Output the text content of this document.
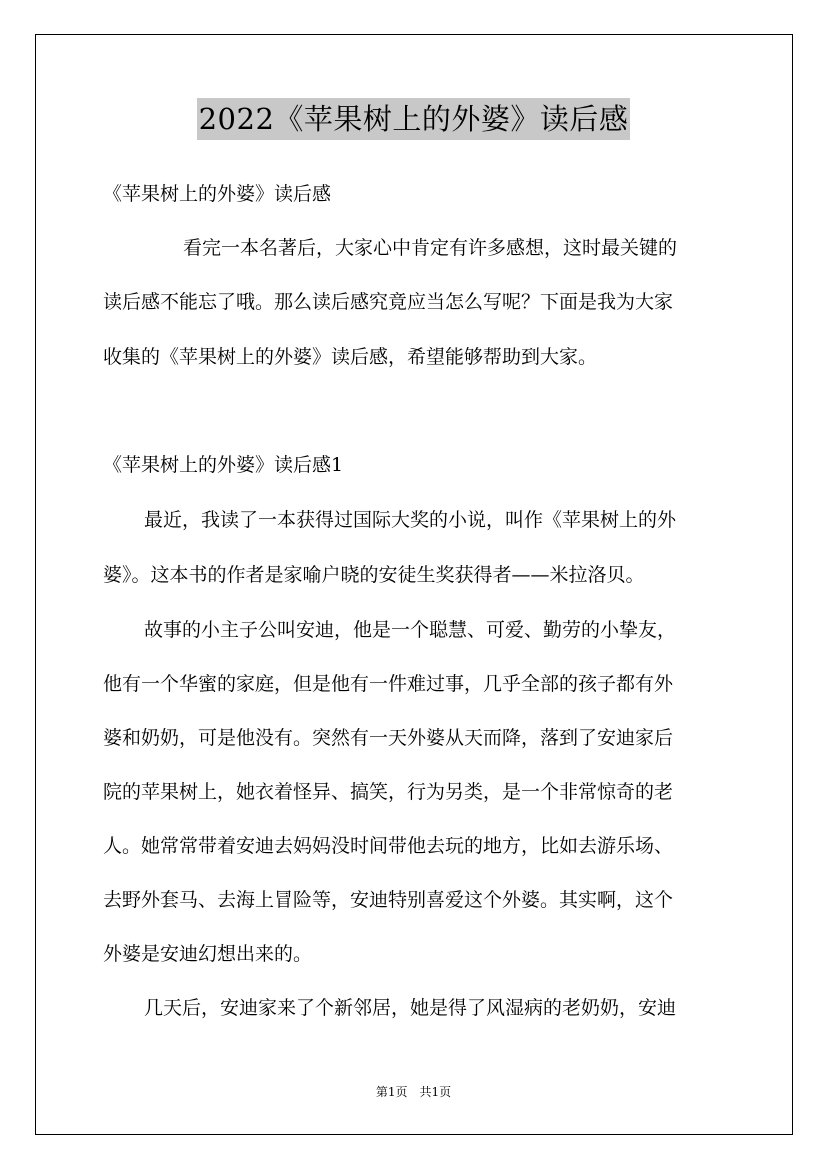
2022《苹果树上的外婆》读后感
《苹果树上的外婆》读后感
看完一本名著后，大家心中肯定有许多感想，这时最关键的
读后感不能忘了哦。那么读后感究竟应当怎么写呢？下面是我为大家
收集的《苹果树上的外婆》读后感，希望能够帮助到大家。
《苹果树上的外婆》读后感1
最近，我读了一本获得过国际大奖的小说，叫作《苹果树上的外
婆》。这本书的作者是家喻户晓的安徒生奖获得者——米拉洛贝。
故事的小主子公叫安迪，他是一个聪慧、可爱、勤劳的小挚友，
他有一个华蜜的家庭，但是他有一件难过事，几乎全部的孩子都有外
婆和奶奶，可是他没有。突然有一天外婆从天而降，落到了安迪家后
院的苹果树上，她衣着怪异、搞笑，行为另类，是一个非常惊奇的老
人。她常常带着安迪去妈妈没时间带他去玩的地方，比如去游乐场、
去野外套马、去海上冒险等，安迪特别喜爱这个外婆。其实啊，这个
外婆是安迪幻想出来的。
几天后，安迪家来了个新邻居，她是得了风湿病的老奶奶，安迪
第1页　共1页
